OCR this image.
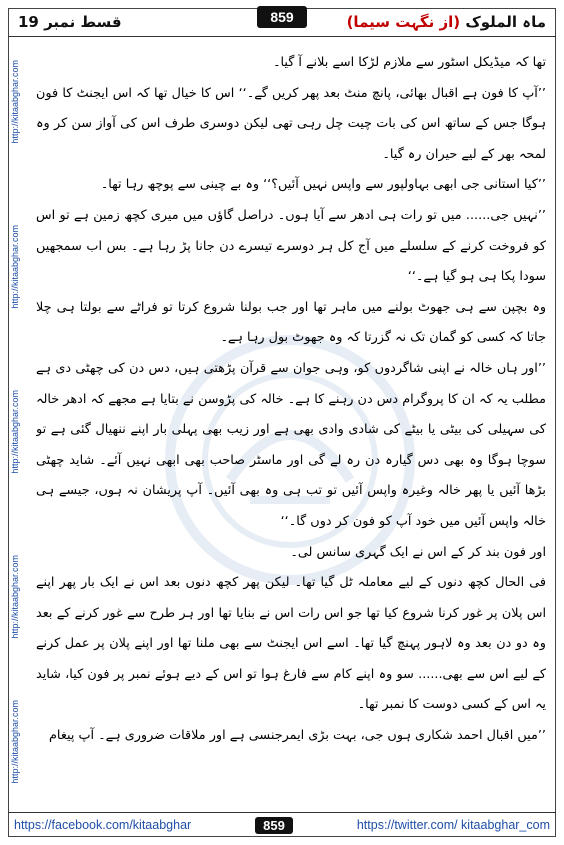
قسط نمبر 19	ماہ الملوک (از نگہت سیما)
859
http://kitaabghar.com
http://kitaabghar.com
http://kitaabghar.com
http://kitaabghar.com
http://kitaabghar.com

تھا کہ میڈیکل اسٹور سے ملازم لڑکا اسے بلانے آ گیا۔

’’آپ کا فون ہے اقبال بھائی، پانچ منٹ بعد پھر کریں گے۔‘‘ اس کا خیال تھا کہ اس ایجنٹ کا فون ہوگا جس کے ساتھ اس کی بات چیت چل رہی تھی لیکن دوسری طرف اس کی آواز سن کر وہ لمحہ بھر کے لیے حیران رہ گیا۔

’’کیا استانی جی ابھی بہاولپور سے واپس نہیں آئیں؟‘‘ وہ بے چینی سے پوچھ رہا تھا۔

’’نہیں جی...... میں تو رات ہی ادھر سے آیا ہوں۔ دراصل گاؤں میں میری کچھ زمین ہے تو اس کو فروخت کرنے کے سلسلے میں آج کل ہر دوسرے تیسرے دن جانا پڑ رہا ہے۔ بس اب سمجھیں سودا پکا ہی ہو گیا ہے۔‘‘

وہ بچپن سے ہی جھوٹ بولنے میں ماہر تھا اور جب بولنا شروع کرتا تو فراٹے سے بولتا ہی چلا جاتا کہ کسی کو گمان تک نہ گزرتا کہ وہ جھوٹ بول رہا ہے۔

’’اور ہاں خالہ نے اپنی شاگردوں کو، وہی جوان سے قرآن پڑھتی ہیں، دس دن کی چھٹی دی ہے مطلب یہ کہ ان کا پروگرام دس دن رہنے کا ہے۔ خالہ کی پڑوسن نے بتایا ہے مجھے کہ ادھر خالہ کی سہیلی کی بیٹی یا بیٹے کی شادی وادی بھی ہے اور زیب بھی پہلی بار اپنے ننھیال گئی ہے تو سوچا ہوگا وہ بھی دس گیارہ دن رہ لے گی اور ماسٹر صاحب بھی ابھی نہیں آئے۔ شاید چھٹی بڑھا آئیں یا پھر خالہ وغیرہ واپس آئیں تو تب ہی وہ بھی آئیں۔ آپ پریشان نہ ہوں، جیسے ہی خالہ واپس آئیں میں خود آپ کو فون کر دوں گا۔‘‘

اور فون بند کر کے اس نے ایک گہری سانس لی۔

فی الحال کچھ دنوں کے لیے معاملہ ٹل گیا تھا۔ لیکن پھر کچھ دنوں بعد اس نے ایک بار پھر اپنے اس پلان پر غور کرنا شروع کیا تھا جو اس رات اس نے بنایا تھا اور ہر طرح سے غور کرنے کے بعد وہ دو دن بعد وہ لاہور پہنچ گیا تھا۔ اسے اس ایجنٹ سے بھی ملنا تھا اور اپنے پلان پر عمل کرنے کے لیے اس سے بھی...... سو وہ اپنے کام سے فارغ ہوا تو اس کے دیے ہوئے نمبر پر فون کیا، شاید یہ اس کے کسی دوست کا نمبر تھا۔

’’میں اقبال احمد شکاری ہوں جی، بہت بڑی ایمرجنسی ہے اور ملاقات ضروری ہے۔ آپ پیغام

https://facebook.com/kitaabghar	859	https://twitter.com/ kitaabghar_com
